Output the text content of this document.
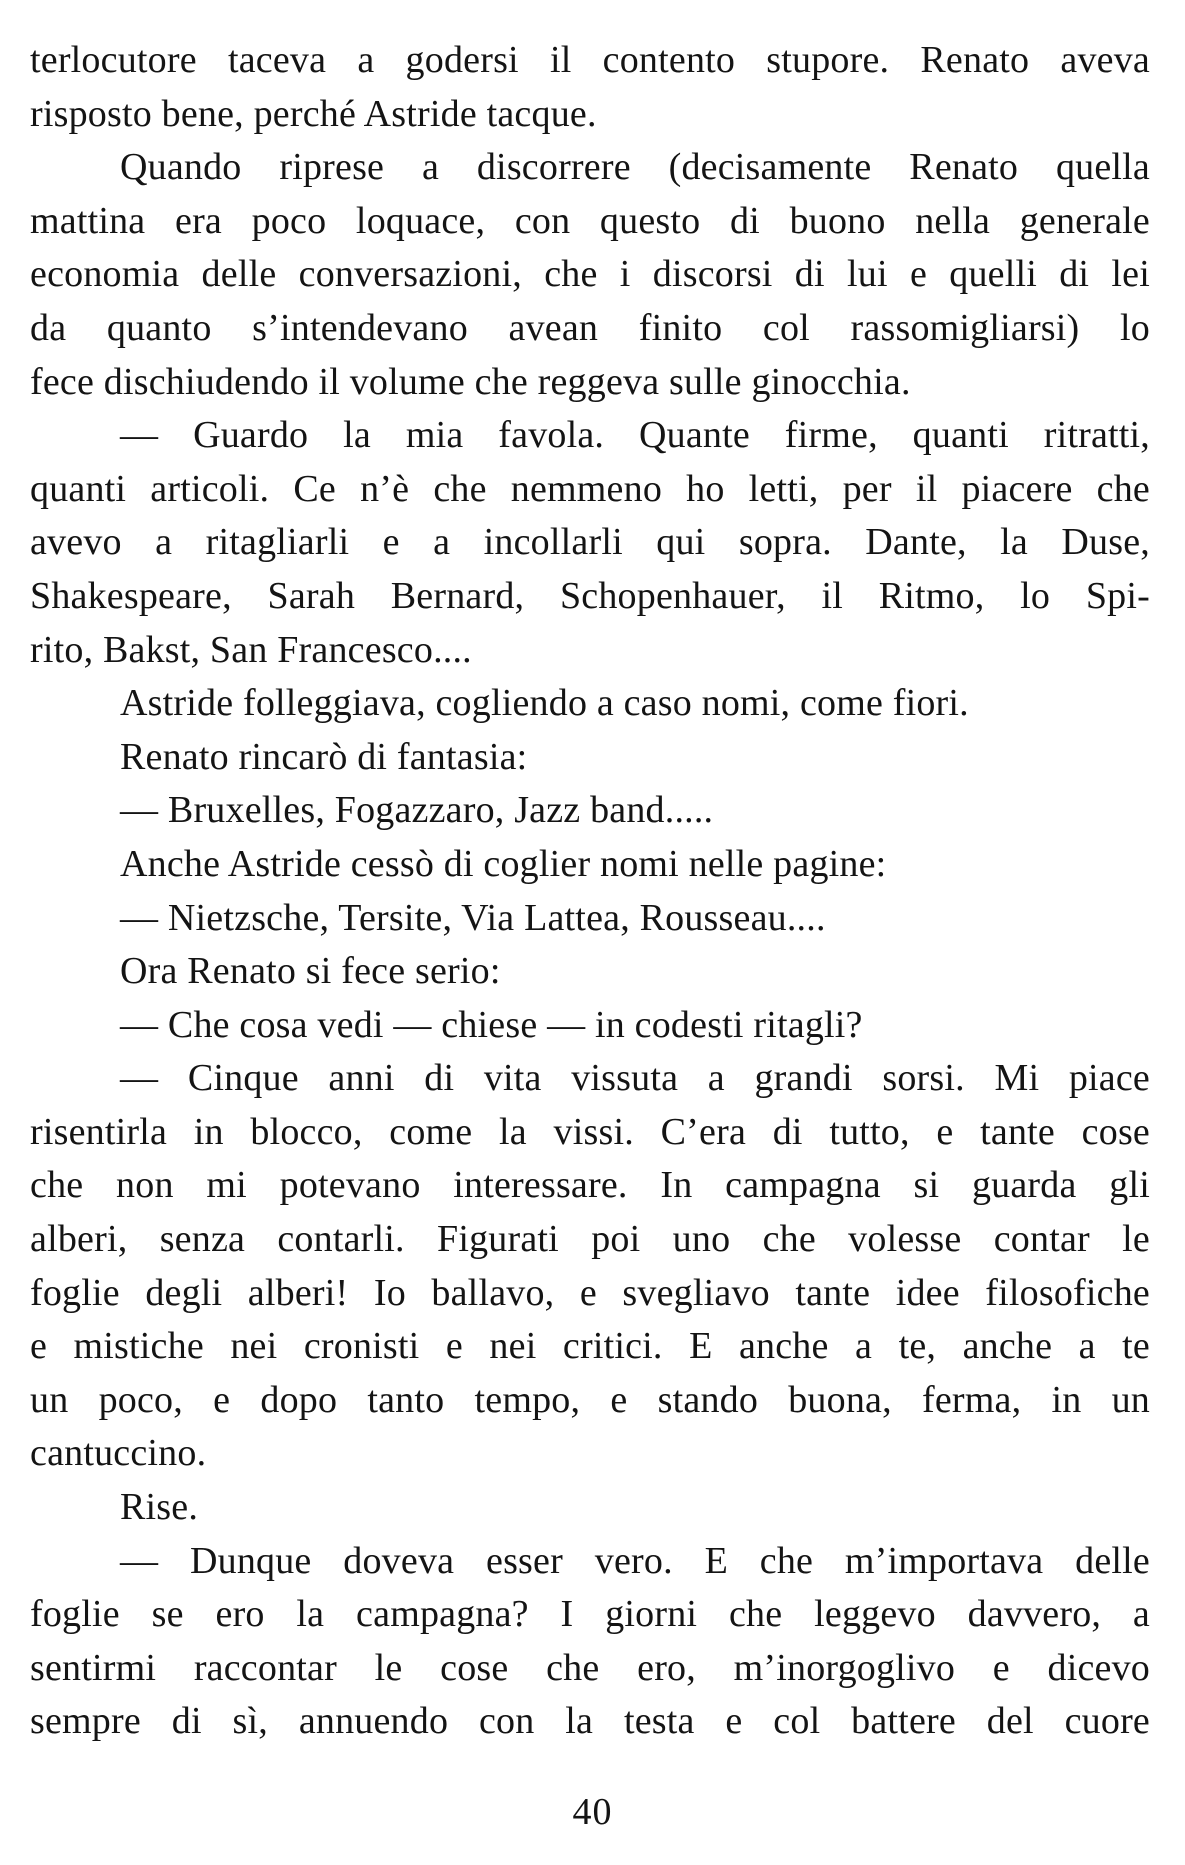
terlocutore taceva a godersi il contento stupore. Renato aveva
risposto bene, perché Astride tacque.
Quando riprese a discorrere (decisamente Renato quella
mattina era poco loquace, con questo di buono nella generale
economia delle conversazioni, che i discorsi di lui e quelli di lei
da quanto s’intendevano avean finito col rassomigliarsi) lo
fece dischiudendo il volume che reggeva sulle ginocchia.
— Guardo la mia favola. Quante firme, quanti ritratti,
quanti articoli. Ce n’è che nemmeno ho letti, per il piacere che
avevo a ritagliarli e a incollarli qui sopra. Dante, la Duse,
Shakespeare, Sarah Bernard, Schopenhauer, il Ritmo, lo Spi-
rito, Bakst, San Francesco....
Astride folleggiava, cogliendo a caso nomi, come fiori.
Renato rincarò di fantasia:
— Bruxelles, Fogazzaro, Jazz band.....
Anche Astride cessò di coglier nomi nelle pagine:
— Nietzsche, Tersite, Via Lattea, Rousseau....
Ora Renato si fece serio:
— Che cosa vedi — chiese — in codesti ritagli?
— Cinque anni di vita vissuta a grandi sorsi. Mi piace
risentirla in blocco, come la vissi. C’era di tutto, e tante cose
che non mi potevano interessare. In campagna si guarda gli
alberi, senza contarli. Figurati poi uno che volesse contar le
foglie degli alberi! Io ballavo, e svegliavo tante idee filosofiche
e mistiche nei cronisti e nei critici. E anche a te, anche a te
un poco, e dopo tanto tempo, e stando buona, ferma, in un
cantuccino.
Rise.
— Dunque doveva esser vero. E che m’importava delle
foglie se ero la campagna? I giorni che leggevo davvero, a
sentirmi raccontar le cose che ero, m’inorgoglivo e dicevo
sempre di sì, annuendo con la testa e col battere del cuore
40
